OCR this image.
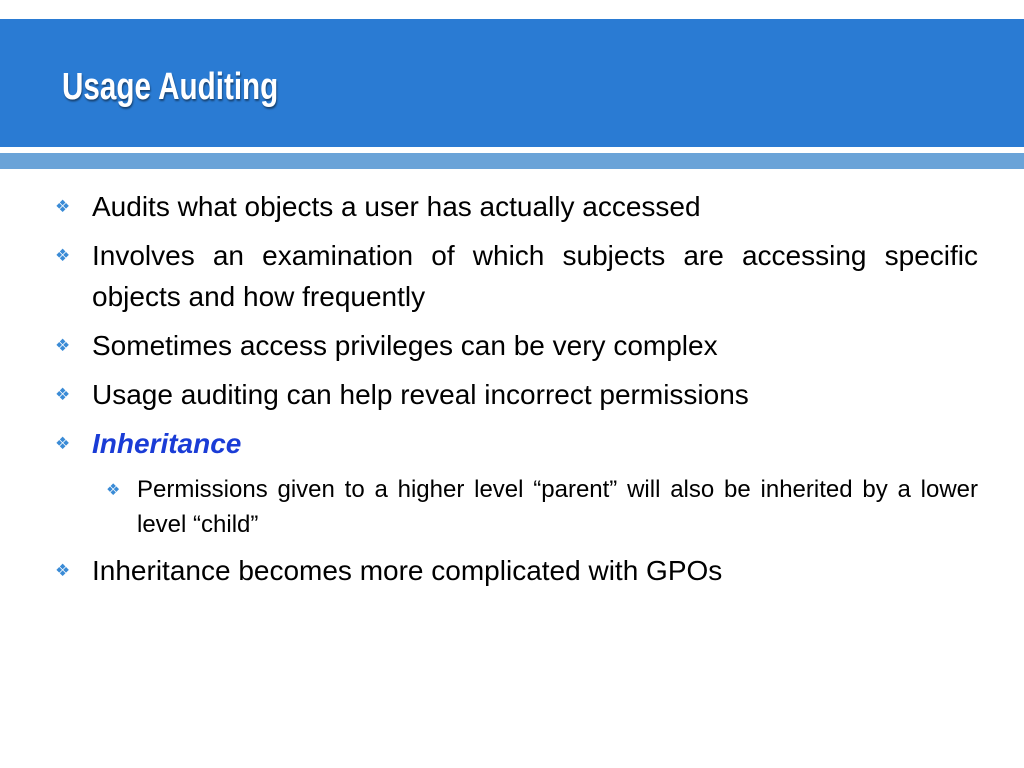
Usage Auditing
❖ Audits what objects a user has actually accessed
❖ Involves an examination of which subjects are accessing specific objects and how frequently
❖ Sometimes access privileges can be very complex
❖ Usage auditing can help reveal incorrect permissions
❖ Inheritance
❖ Permissions given to a higher level “parent” will also be inherited by a lower level “child”
❖ Inheritance becomes more complicated with GPOs
